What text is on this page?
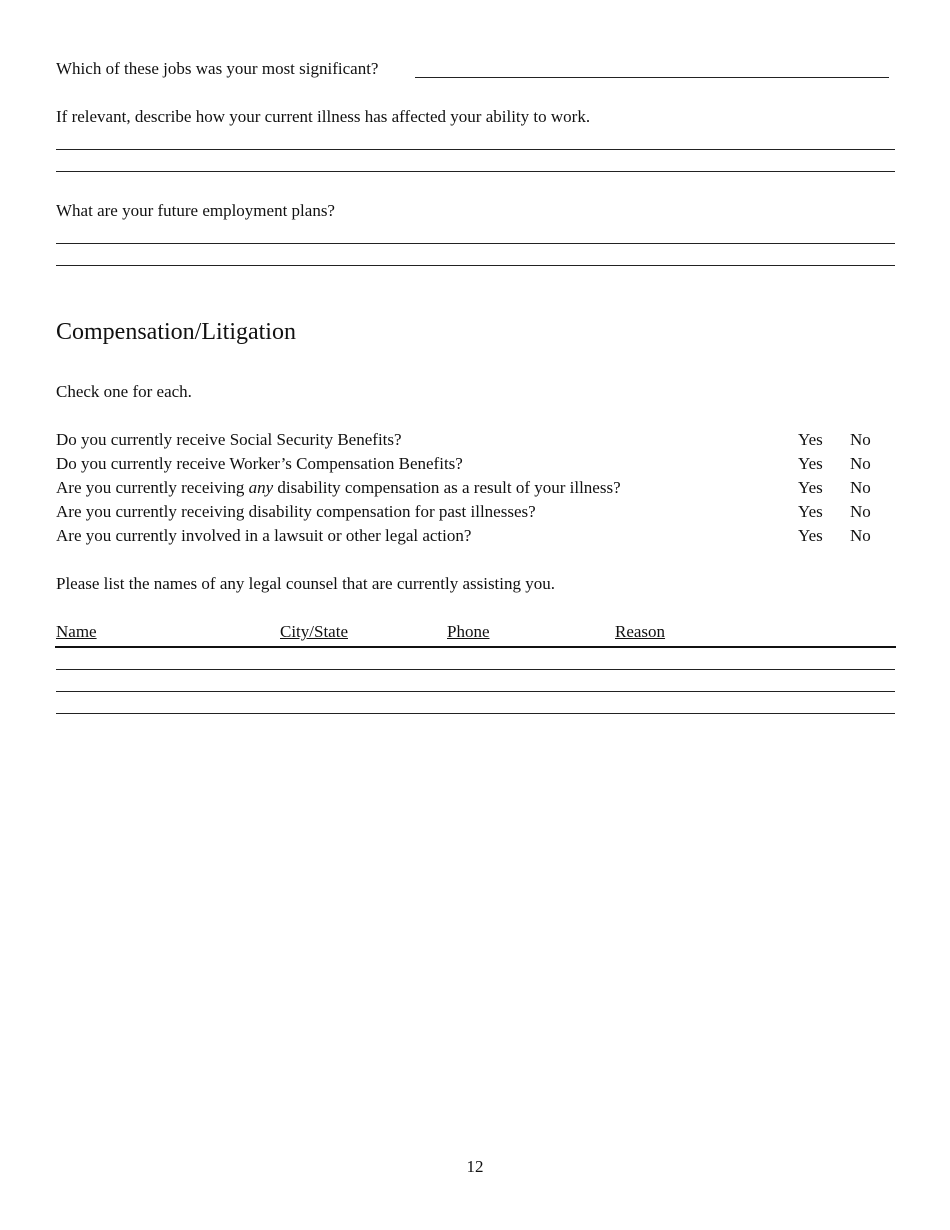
Which of these jobs was your most significant?
If relevant, describe how your current illness has affected your ability to work.
What are your future employment plans?
Compensation/Litigation
Check one for each.
Do you currently receive Social Security Benefits?	Yes No
Do you currently receive Worker’s Compensation Benefits?	Yes No
Are you currently receiving any disability compensation as a result of your illness?	Yes No
Are you currently receiving disability compensation for past illnesses?	Yes No
Are you currently involved in a lawsuit or other legal action?	Yes No
Please list the names of any legal counsel that are currently assisting you.
Name	City/State	Phone	Reason
12
